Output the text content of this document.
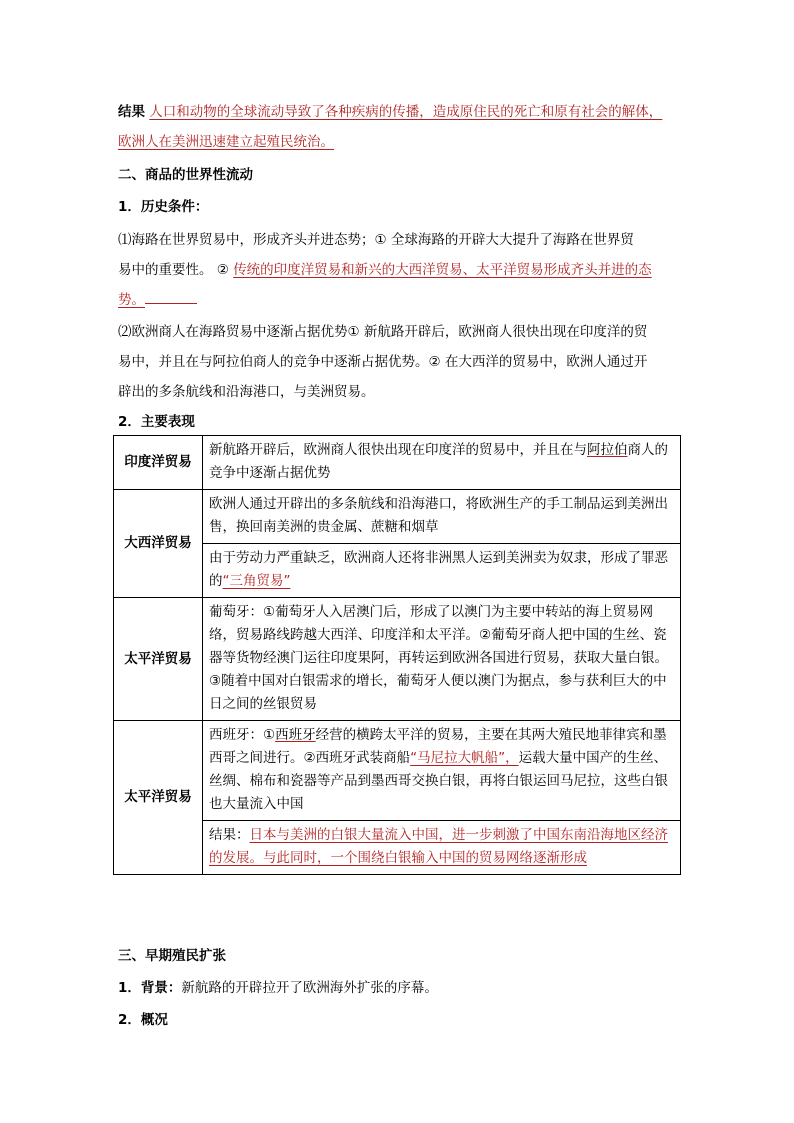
结果 人口和动物的全球流动导致了各种疾病的传播，造成原住民的死亡和原有社会的解体，
欧洲人在美洲迅速建立起殖民统治。
二、商品的世界性流动
1．历史条件：
⑴海路在世界贸易中，形成齐头并进态势；① 全球海路的开辟大大提升了海路在世界贸
易中的重要性。 ② 传统的印度洋贸易和新兴的大西洋贸易、太平洋贸易形成齐头并进的态
势。
⑵欧洲商人在海路贸易中逐渐占据优势① 新航路开辟后，欧洲商人很快出现在印度洋的贸
易中，并且在与阿拉伯商人的竞争中逐渐占据优势。② 在大西洋的贸易中，欧洲人通过开
辟出的多条航线和沿海港口，与美洲贸易。
2．主要表现
印度洋贸易	新航路开辟后，欧洲商人很快出现在印度洋的贸易中，并且在与阿拉伯商人的竞争中逐渐占据优势
大西洋贸易	欧洲人通过开辟出的多条航线和沿海港口，将欧洲生产的手工制品运到美洲出售，换回南美洲的贵金属、蔗糖和烟草
	由于劳动力严重缺乏，欧洲商人还将非洲黑人运到美洲卖为奴隶，形成了罪恶的“三角贸易”
太平洋贸易	葡萄牙：①葡萄牙人入居澳门后，形成了以澳门为主要中转站的海上贸易网络，贸易路线跨越大西洋、印度洋和太平洋。②葡萄牙商人把中国的生丝、瓷器等货物经澳门运往印度果阿，再转运到欧洲各国进行贸易，获取大量白银。③随着中国对白银需求的增长，葡萄牙人便以澳门为据点，参与获利巨大的中日之间的丝银贸易
太平洋贸易	西班牙：①西班牙经营的横跨太平洋的贸易，主要在其两大殖民地菲律宾和墨西哥之间进行。②西班牙武装商船“马尼拉大帆船”，运载大量中国产的生丝、丝绸、棉布和瓷器等产品到墨西哥交换白银，再将白银运回马尼拉，这些白银也大量流入中国
	结果：日本与美洲的白银大量流入中国，进一步刺激了中国东南沿海地区经济的发展。与此同时，一个围绕白银输入中国的贸易网络逐渐形成
三、早期殖民扩张
1．背景：新航路的开辟拉开了欧洲海外扩张的序幕。
2．概况
